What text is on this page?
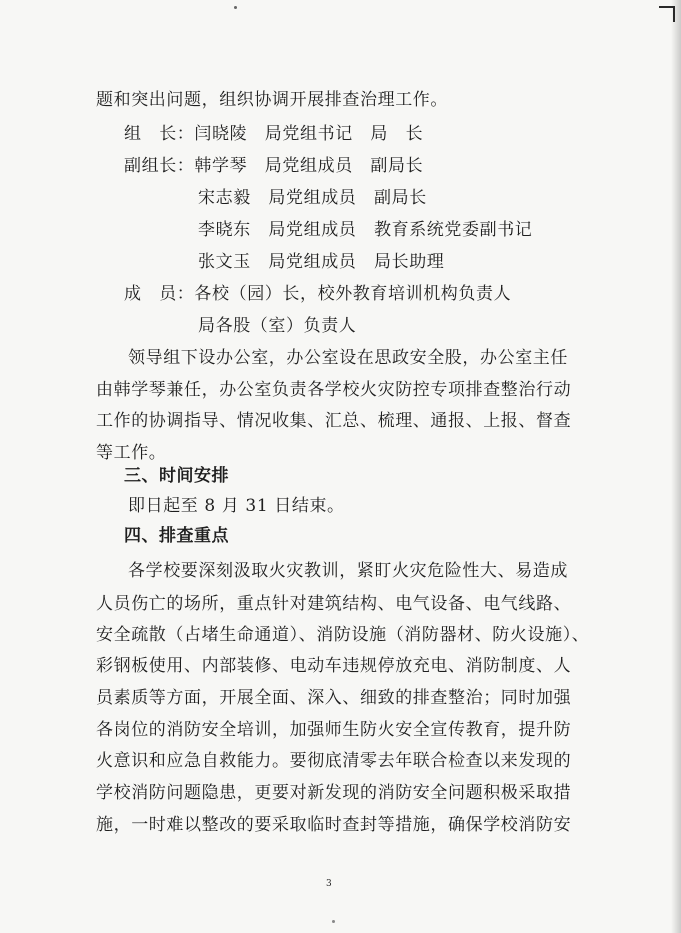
题和突出问题，组织协调开展排查治理工作。
组　长：闫晓陵　局党组书记　局　长
副组长：韩学琴　局党组成员　副局长
宋志毅　局党组成员　副局长
李晓东　局党组成员　教育系统党委副书记
张文玉　局党组成员　局长助理
成　员：各校（园）长，校外教育培训机构负责人
局各股（室）负责人
领导组下设办公室，办公室设在思政安全股，办公室主任
由韩学琴兼任，办公室负责各学校火灾防控专项排查整治行动
工作的协调指导、情况收集、汇总、梳理、通报、上报、督查
等工作。
三、时间安排
即日起至 8 月 31 日结束。
四、排查重点
各学校要深刻汲取火灾教训，紧盯火灾危险性大、易造成
人员伤亡的场所，重点针对建筑结构、电气设备、电气线路、
安全疏散（占堵生命通道）、消防设施（消防器材、防火设施）、
彩钢板使用、内部装修、电动车违规停放充电、消防制度、人
员素质等方面，开展全面、深入、细致的排查整治；同时加强
各岗位的消防安全培训，加强师生防火安全宣传教育，提升防
火意识和应急自救能力。要彻底清零去年联合检查以来发现的
学校消防问题隐患，更要对新发现的消防安全问题积极采取措
施，一时难以整改的要采取临时查封等措施，确保学校消防安
3
